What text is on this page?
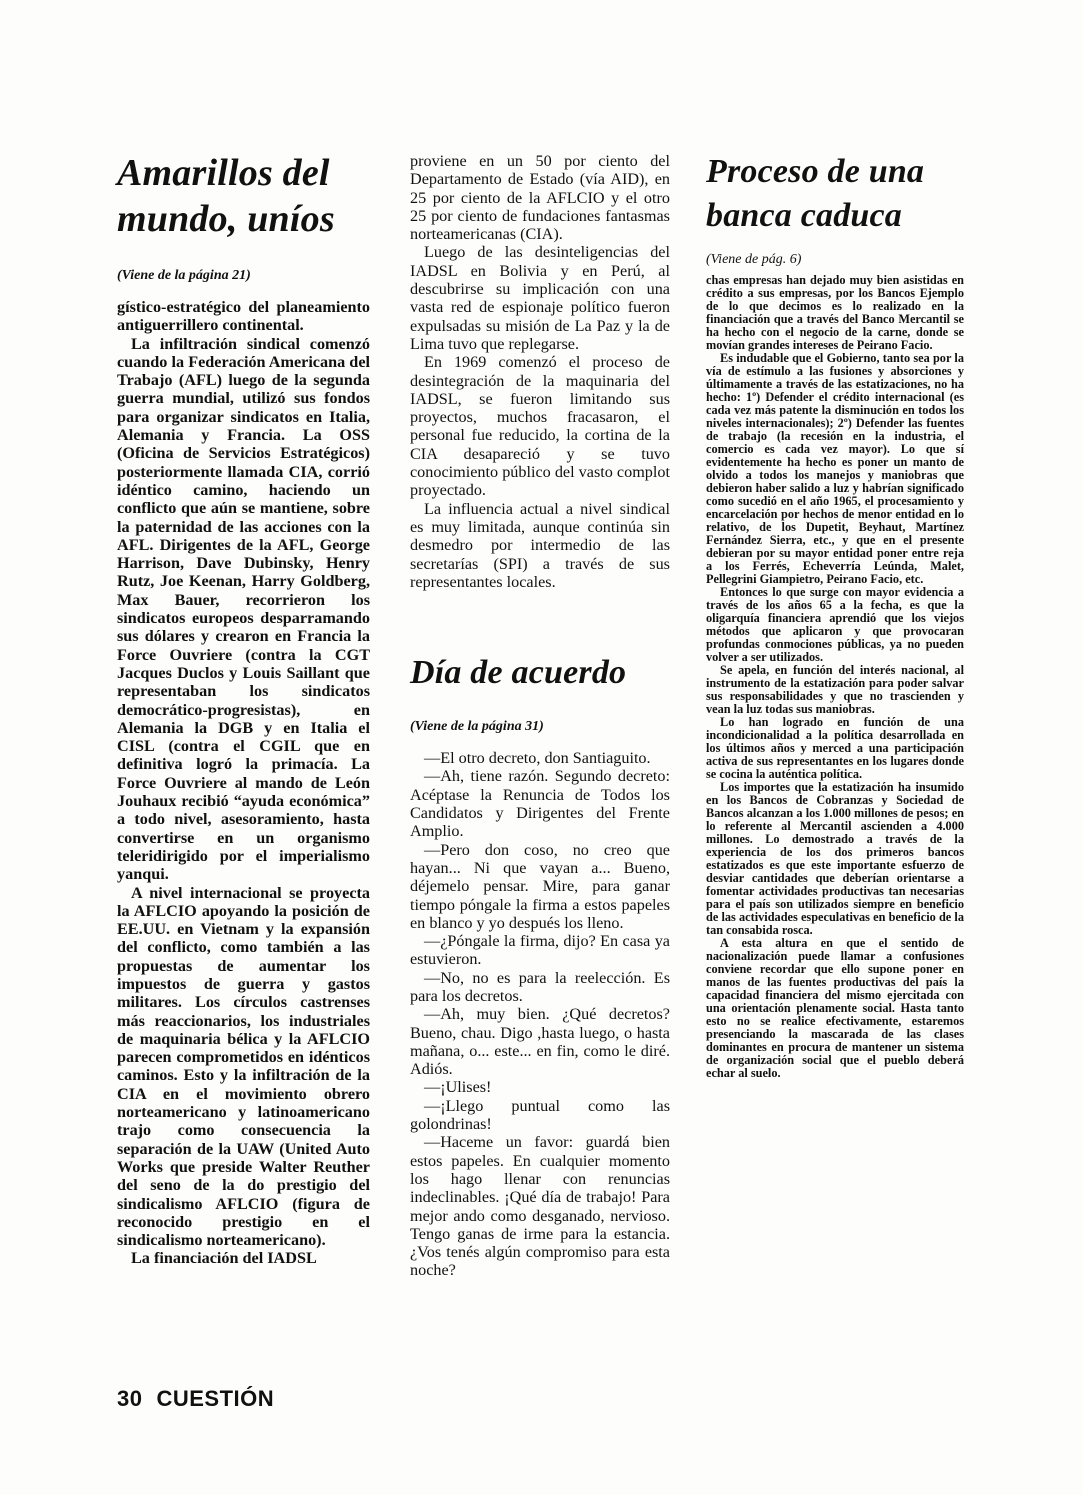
Amarillos del mundo, uníos
(Viene de la página 21)

gístico-estratégico del planeamiento antiguerrillero continental.

La infiltración sindical comenzó cuando la Federación Americana del Trabajo (AFL) luego de la segunda guerra mundial, utilizó sus fondos para organizar sindicatos en Italia, Alemania y Francia. La OSS (Oficina de Servicios Estratégicos) posteriormente llamada CIA, corrió idéntico camino, haciendo un conflicto que aún se mantiene, sobre la paternidad de las acciones con la AFL. Dirigentes de la AFL, George Harrison, Dave Dubinsky, Henry Rutz, Joe Keenan, Harry Goldberg, Max Bauer, recorrieron los sindicatos europeos desparramando sus dólares y crearon en Francia la Force Ouvriere (contra la CGT Jacques Duclos y Louis Saillant que representaban los sindicatos democrático-progresistas), en Alemania la DGB y en Italia el CISL (contra el CGIL que en definitiva logró la primacía. La Force Ouvriere al mando de León Jouhaux recibió “ayuda económica” a todo nivel, asesoramiento, hasta convertirse en un organismo teleridirigido por el imperialismo yanqui.

A nivel internacional se proyecta la AFLCIO apoyando la posición de EE.UU. en Vietnam y la expansión del conflicto, como también a las propuestas de aumentar los impuestos de guerra y gastos militares. Los círculos castrenses más reaccionarios, los industriales de maquinaria bélica y la AFLCIO parecen comprometidos en idénticos caminos. Esto y la infiltración de la CIA en el movimiento obrero norteamericano y latinoamericano trajo como consecuencia la separación de la UAW (United Auto Works que preside Walter Reuther del seno de la do prestigio del sindicalismo AFLCIO (figura de reconocido prestigio en el sindicalismo norteamericano).

La financiación del IADSL

proviene en un 50 por ciento del Departamento de Estado (vía AID), en 25 por ciento de la AFLCIO y el otro 25 por ciento de fundaciones fantasmas norteamericanas (CIA).

Luego de las desinteligencias del IADSL en Bolivia y en Perú, al descubrirse su implicación con una vasta red de espionaje político fueron expulsadas su misión de La Paz y la de Lima tuvo que replegarse.

En 1969 comenzó el proceso de desintegración de la maquinaria del IADSL, se fueron limitando sus proyectos, muchos fracasaron, el personal fue reducido, la cortina de la CIA desapareció y se tuvo conocimiento público del vasto complot proyectado.

La influencia actual a nivel sindical es muy limitada, aunque continúa sin desmedro por intermedio de las secretarías (SPI) a través de sus representantes locales.

Día de acuerdo
(Viene de la página 31)

—El otro decreto, don Santiaguito.

—Ah, tiene razón. Segundo decreto: Acéptase la Renuncia de Todos los Candidatos y Dirigentes del Frente Amplio.

—Pero don coso, no creo que hayan... Ni que vayan a... Bueno, déjemelo pensar. Mire, para ganar tiempo póngale la firma a estos papeles en blanco y yo después los lleno.

—¿Póngale la firma, dijo? En casa ya estuvieron.

—No, no es para la reelección. Es para los decretos.

—Ah, muy bien. ¿Qué decretos? Bueno, chau. Digo ,hasta luego, o hasta mañana, o... este... en fin, como le diré. Adiós.

—¡Ulises!

—¡Llego puntual como las golondrinas!

—Haceme un favor: guardá bien estos papeles. En cualquier momento los hago llenar con renuncias indeclinables. ¡Qué día de trabajo! Para mejor ando como desganado, nervioso. Tengo ganas de irme para la estancia. ¿Vos tenés algún compromiso para esta noche?

Proceso de una banca caduca
(Viene de pág. 6)

chas empresas han dejado muy bien asistidas en crédito a sus empresas, por los Bancos Ejemplo de lo que decimos es lo realizado en la financiación que a través del Banco Mercantil se ha hecho con el negocio de la carne, donde se movían grandes intereses de Peirano Facio.

Es indudable que el Gobierno, tanto sea por la vía de estímulo a las fusiones y absorciones y últimamente a través de las estatizaciones, no ha hecho: 1º) Defender el crédito internacional (es cada vez más patente la disminución en todos los niveles internacionales); 2º) Defender las fuentes de trabajo (la recesión en la industria, el comercio es cada vez mayor). Lo que sí evidentemente ha hecho es poner un manto de olvido a todos los manejos y maniobras que debieron haber salido a luz y habrían significado como sucedió en el año 1965, el procesamiento y encarcelación por hechos de menor entidad en lo relativo, de los Dupetit, Beyhaut, Martínez Fernández Sierra, etc., y que en el presente debieran por su mayor entidad poner entre reja a los Ferrés, Echeverría Leúnda, Malet, Pellegrini Giampietro, Peirano Facio, etc.

Entonces lo que surge con mayor evidencia a través de los años 65 a la fecha, es que la oligarquía financiera aprendió que los viejos métodos que aplicaron y que provocaran profundas conmociones públicas, ya no pueden volver a ser utilizados.

Se apela, en función del interés nacional, al instrumento de la estatización para poder salvar sus responsabilidades y que no trascienden y vean la luz todas sus maniobras.

Lo han logrado en función de una incondicionalidad a la política desarrollada en los últimos años y merced a una participación activa de sus representantes en los lugares donde se cocina la auténtica política.

Los importes que la estatización ha insumido en los Bancos de Cobranzas y Sociedad de Bancos alcanzan a los 1.000 millones de pesos; en lo referente al Mercantil ascienden a 4.000 millones. Lo demostrado a través de la experiencia de los dos primeros bancos estatizados es que este importante esfuerzo de desviar cantidades que deberían orientarse a fomentar actividades productivas tan necesarias para el país son utilizados siempre en beneficio de las actividades especulativas en beneficio de la tan consabida rosca.

A esta altura en que el sentido de nacionalización puede llamar a confusiones conviene recordar que ello supone poner en manos de las fuentes productivas del país la capacidad financiera del mismo ejercitada con una orientación plenamente social. Hasta tanto esto no se realice efectivamente, estaremos presenciando la mascarada de las clases dominantes en procura de mantener un sistema de organización social que el pueblo deberá echar al suelo.

30 CUESTIÓN
